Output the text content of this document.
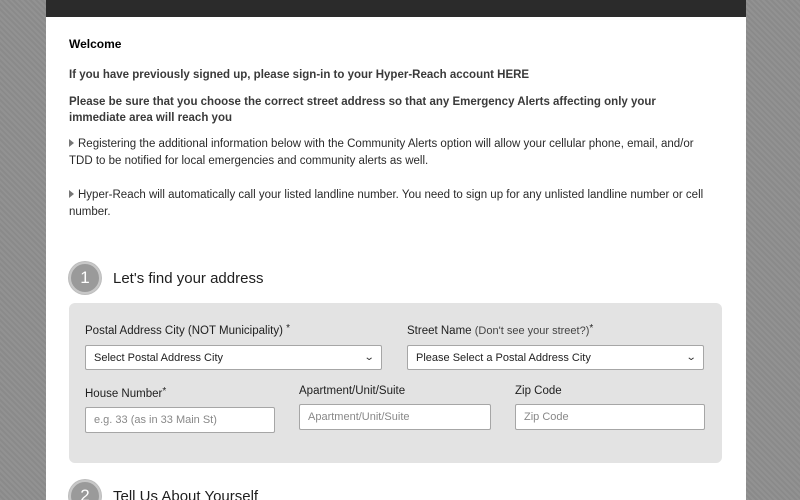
Welcome
If you have previously signed up, please sign-in to your Hyper-Reach account HERE
Please be sure that you choose the correct street address so that any Emergency Alerts affecting only your immediate area will reach you
Registering the additional information below with the Community Alerts option will allow your cellular phone, email, and/or TDD to be notified for local emergencies and community alerts as well.
Hyper-Reach will automatically call your listed landline number. You need to sign up for any unlisted landline number or cell number.
1	Let's find your address
Postal Address City (NOT Municipality) *
Select Postal Address City	⌄
Street Name (Don't see your street?)*
Please Select a Postal Address City	⌄
House Number*
e.g. 33 (as in 33 Main St)
Apartment/Unit/Suite
Apartment/Unit/Suite
Zip Code
Zip Code
2	Tell Us About Yourself
